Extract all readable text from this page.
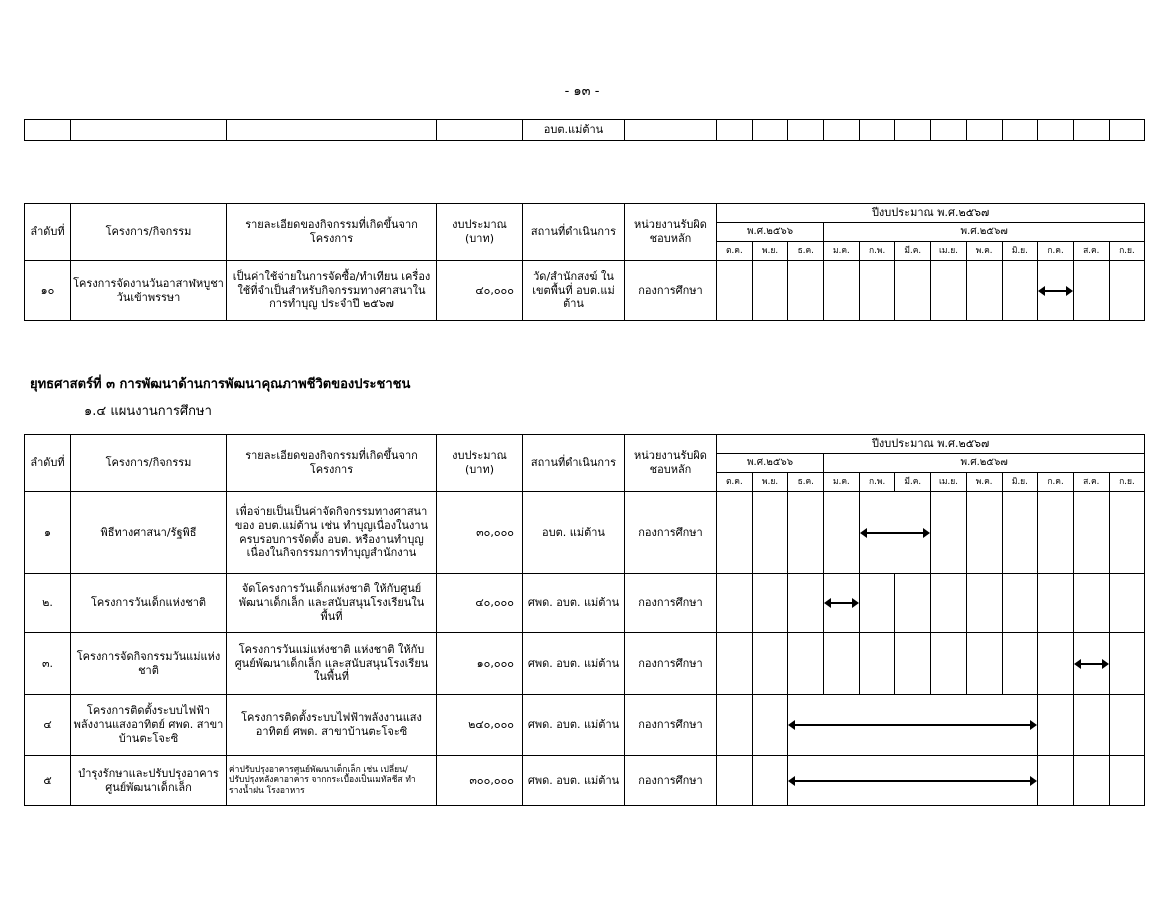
- ๑๓ -
				อบต.แม่ต้าน													
ลำดับที่	โครงการ/กิจกรรม	รายละเอียดของกิจกรรมที่เกิดขึ้นจากโครงการ	งบประมาณ (บาท)	สถานที่ดำเนินการ	หน่วยงานรับผิดชอบหลัก	ปีงบประมาณ พ.ศ.๒๕๖๗											
						พ.ศ.๒๕๖๖			พ.ศ.๒๕๖๗								
						ต.ค.	พ.ย.	ธ.ค.	ม.ค.	ก.พ.	มี.ค.	เม.ย.	พ.ค.	มิ.ย.	ก.ค.	ส.ค.	ก.ย.
๑๐	โครงการจัดงานวันอาสาฬหบูชา วันเข้าพรรษา	เป็นค่าใช้จ่ายในการจัดซื้อ/ทำเทียน เครื่องใช้ที่จำเป็นสำหรับกิจกรรมทางศาสนาในการทำบุญ ประจำปี ๒๕๖๗	๔๐,๐๐๐	วัด/สำนักสงฆ์ ในเขตพื้นที่ อบต.แม่ต้าน	กองการศึกษา										

ยุทธศาสตร์ที่ ๓ การพัฒนาด้านการพัฒนาคุณภาพชีวิตของประชาชน
๑.๔ แผนงานการศึกษา
ลำดับที่	โครงการ/กิจกรรม	รายละเอียดของกิจกรรมที่เกิดขึ้นจากโครงการ	งบประมาณ (บาท)	สถานที่ดำเนินการ	หน่วยงานรับผิดชอบหลัก	ปีงบประมาณ พ.ศ.๒๕๖๗											
						พ.ศ.๒๕๖๖			พ.ศ.๒๕๖๗								
						ต.ค.	พ.ย.	ธ.ค.	ม.ค.	ก.พ.	มี.ค.	เม.ย.	พ.ค.	มิ.ย.	ก.ค.	ส.ค.	ก.ย.
๑	พิธีทางศาสนา/รัฐพิธี	เพื่อจ่ายเป็นเป็นค่าจัดกิจกรรมทางศาสนาของ อบต.แม่ต้าน เช่น ทำบุญเนื่องในงานครบรอบการจัดตั้ง อบต. หรืองานทำบุญเนื่องในกิจกรรมการทำบุญสำนักงาน	๓๐,๐๐๐	อบต. แม่ต้าน	กองการศึกษา						

๒.	โครงการวันเด็กแห่งชาติ	จัดโครงการวันเด็กแห่งชาติ ให้กับศูนย์พัฒนาเด็กเล็ก และสนับสนุนโรงเรียนในพื้นที่	๔๐,๐๐๐	ศพด. อบต. แม่ต้าน	กองการศึกษา				

๓.	โครงการจัดกิจกรรมวันแม่แห่งชาติ	โครงการวันแม่แห่งชาติ แห่งชาติ ให้กับศูนย์พัฒนาเด็กเล็ก และสนับสนุนโรงเรียนในพื้นที่	๑๐,๐๐๐	ศพด. อบต. แม่ต้าน	กองการศึกษา											

๔	โครงการติดตั้งระบบไฟฟ้าพลังงานแสงอาทิตย์ ศพด. สาขาบ้านตะโจะซิ	โครงการติดตั้งระบบไฟฟ้าพลังงานแสงอาทิตย์ ศพด. สาขาบ้านตะโจะซิ	๒๔๐,๐๐๐	ศพด. อบต. แม่ต้าน	กองการศึกษา									

๕	บำรุงรักษาและปรับปรุงอาคารศูนย์พัฒนาเด็กเล็ก	ค่าปรับปรุงอาคารศูนย์พัฒนาเด็กเล็ก เช่น เปลี่ยน/ปรับปรุงหลังคาอาคาร จากกระเบื้องเป็นเมทัลชีส ทำรางน้ำฝน โรงอาหาร	๓๐๐,๐๐๐	ศพด. อบต. แม่ต้าน	กองการศึกษา									
